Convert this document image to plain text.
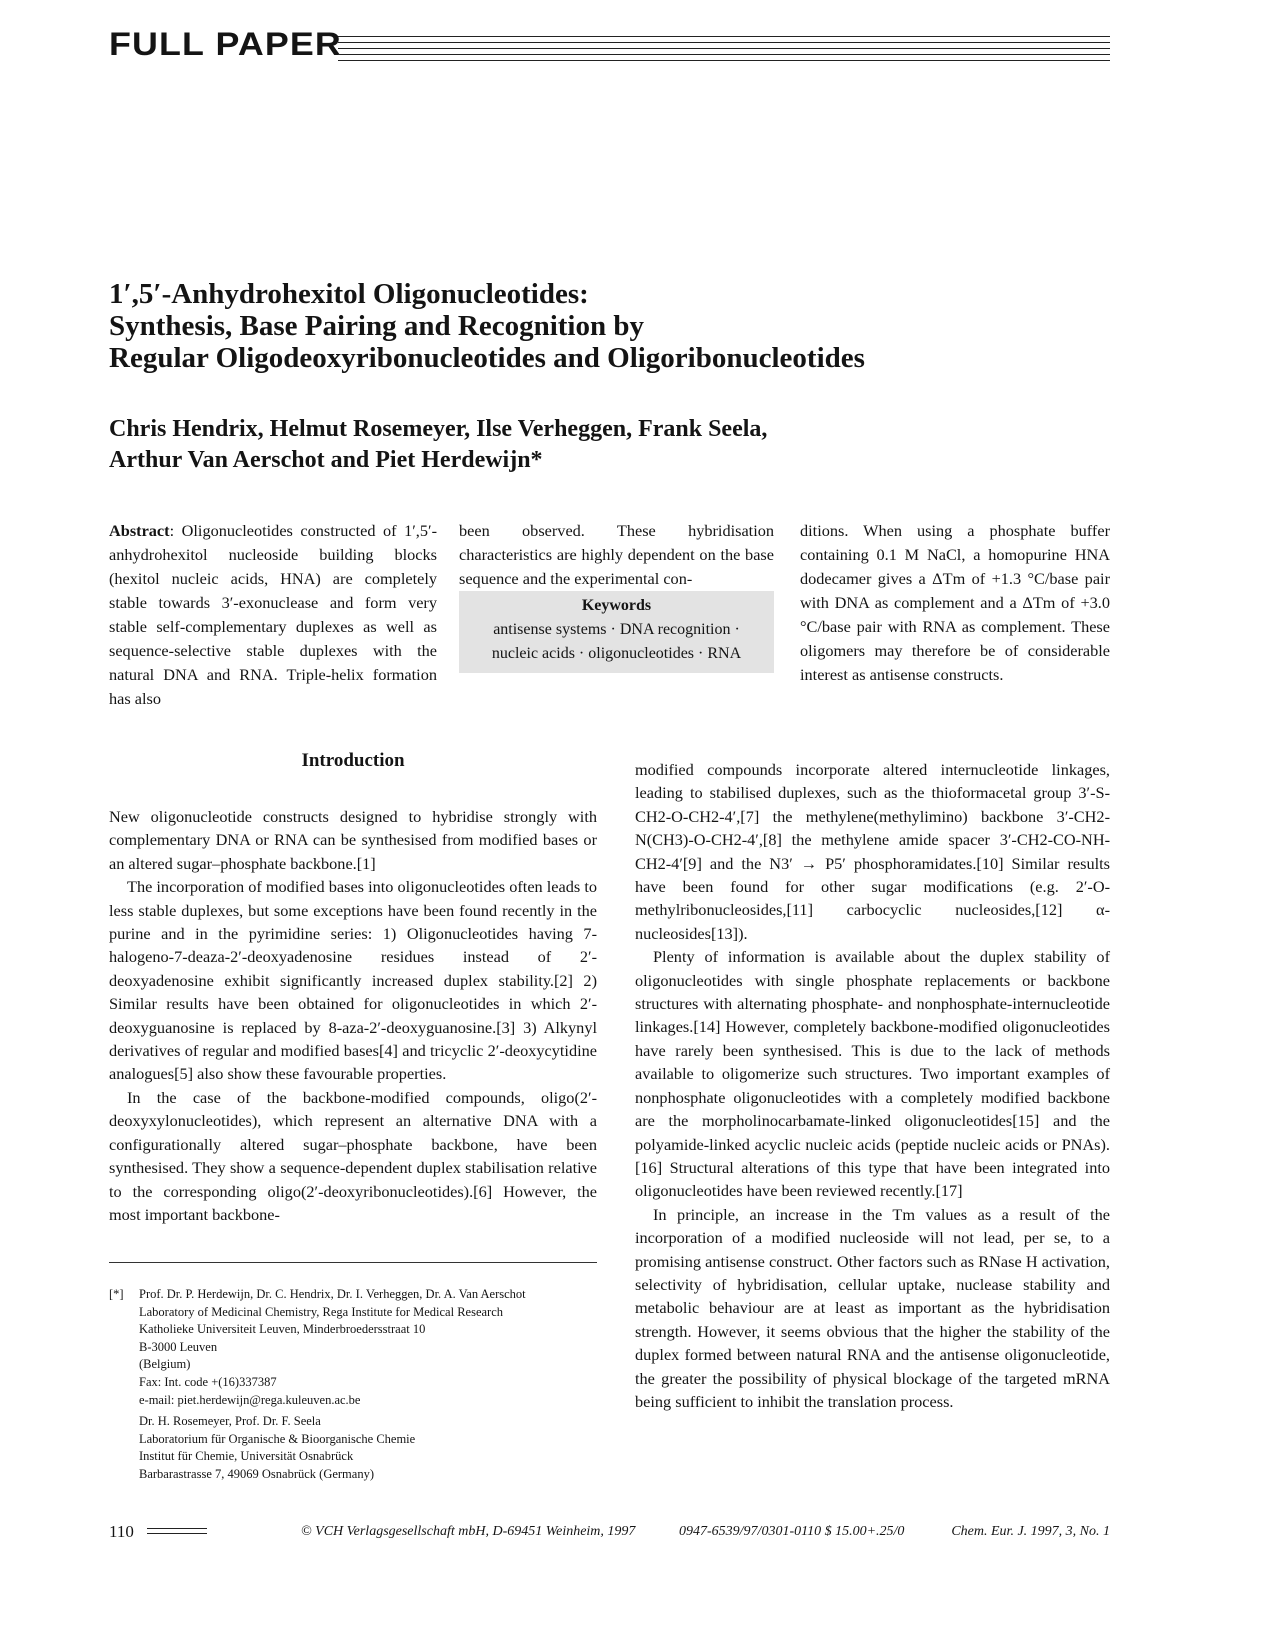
FULL PAPER
1′,5′-Anhydrohexitol Oligonucleotides:
Synthesis, Base Pairing and Recognition by
Regular Oligodeoxyribonucleotides and Oligoribonucleotides
Chris Hendrix, Helmut Rosemeyer, Ilse Verheggen, Frank Seela,
Arthur Van Aerschot and Piet Herdewijn*
Abstract: Oligonucleotides constructed of 1′,5′-anhydrohexitol nucleoside building blocks (hexitol nucleic acids, HNA) are completely stable towards 3′-exonuclease and form very stable self-complementary duplexes as well as sequence-selective stable duplexes with the natural DNA and RNA. Triple-helix formation has also
been observed. These hybridisation characteristics are highly dependent on the base sequence and the experimental con-
Keywords
antisense systems · DNA recognition ·
nucleic acids · oligonucleotides · RNA
ditions. When using a phosphate buffer containing 0.1 M NaCl, a homopurine HNA dodecamer gives a ΔTm of +1.3 °C/base pair with DNA as complement and a ΔTm of +3.0 °C/base pair with RNA as complement. These oligomers may therefore be of considerable interest as antisense constructs.
Introduction

New oligonucleotide constructs designed to hybridise strongly with complementary DNA or RNA can be synthesised from modified bases or an altered sugar–phosphate backbone.[1]

The incorporation of modified bases into oligonucleotides often leads to less stable duplexes, but some exceptions have been found recently in the purine and in the pyrimidine series: 1) Oligonucleotides having 7-halogeno-7-deaza-2′-deoxyadenosine residues instead of 2′-deoxyadenosine exhibit significantly increased duplex stability.[2] 2) Similar results have been obtained for oligonucleotides in which 2′-deoxyguanosine is replaced by 8-aza-2′-deoxyguanosine.[3] 3) Alkynyl derivatives of regular and modified bases[4] and tricyclic 2′-deoxycytidine analogues[5] also show these favourable properties.

In the case of the backbone-modified compounds, oligo(2′-deoxyxylonucleotides), which represent an alternative DNA with a configurationally altered sugar–phosphate backbone, have been synthesised. They show a sequence-dependent duplex stabilisation relative to the corresponding oligo(2′-deoxyribonucleotides).[6] However, the most important backbone-

modified compounds incorporate altered internucleotide linkages, leading to stabilised duplexes, such as the thioformacetal group 3′-S-CH2-O-CH2-4′,[7] the methylene(methylimino) backbone 3′-CH2-N(CH3)-O-CH2-4′,[8] the methylene amide spacer 3′-CH2-CO-NH-CH2-4′[9] and the N3′ → P5′ phosphoramidates.[10] Similar results have been found for other sugar modifications (e.g. 2′-O-methylribonucleosides,[11] carbocyclic nucleosides,[12] α-nucleosides[13]).

Plenty of information is available about the duplex stability of oligonucleotides with single phosphate replacements or backbone structures with alternating phosphate- and nonphosphate-internucleotide linkages.[14] However, completely backbone-modified oligonucleotides have rarely been synthesised. This is due to the lack of methods available to oligomerize such structures. Two important examples of nonphosphate oligonucleotides with a completely modified backbone are the morpholinocarbamate-linked oligonucleotides[15] and the polyamide-linked acyclic nucleic acids (peptide nucleic acids or PNAs).[16] Structural alterations of this type that have been integrated into oligonucleotides have been reviewed recently.[17]

In principle, an increase in the Tm values as a result of the incorporation of a modified nucleoside will not lead, per se, to a promising antisense construct. Other factors such as RNase H activation, selectivity of hybridisation, cellular uptake, nuclease stability and metabolic behaviour are at least as important as the hybridisation strength. However, it seems obvious that the higher the stability of the duplex formed between natural RNA and the antisense oligonucleotide, the greater the possibility of physical blockage of the targeted mRNA being sufficient to inhibit the translation process.

[*] Prof. Dr. P. Herdewijn, Dr. C. Hendrix, Dr. I. Verheggen, Dr. A. Van Aerschot
Laboratory of Medicinal Chemistry, Rega Institute for Medical Research
Katholieke Universiteit Leuven, Minderbroedersstraat 10
B-3000 Leuven
(Belgium)
Fax: Int. code +(16)337387
e-mail: piet.herdewijn@rega.kuleuven.ac.be
Dr. H. Rosemeyer, Prof. Dr. F. Seela
Laboratorium für Organische & Bioorganische Chemie
Institut für Chemie, Universität Osnabrück
Barbarastrasse 7, 49069 Osnabrück (Germany)
110	© VCH Verlagsgesellschaft mbH, D-69451 Weinheim, 1997	0947-6539/97/0301-0110 $ 15.00+.25/0	Chem. Eur. J. 1997, 3, No. 1
